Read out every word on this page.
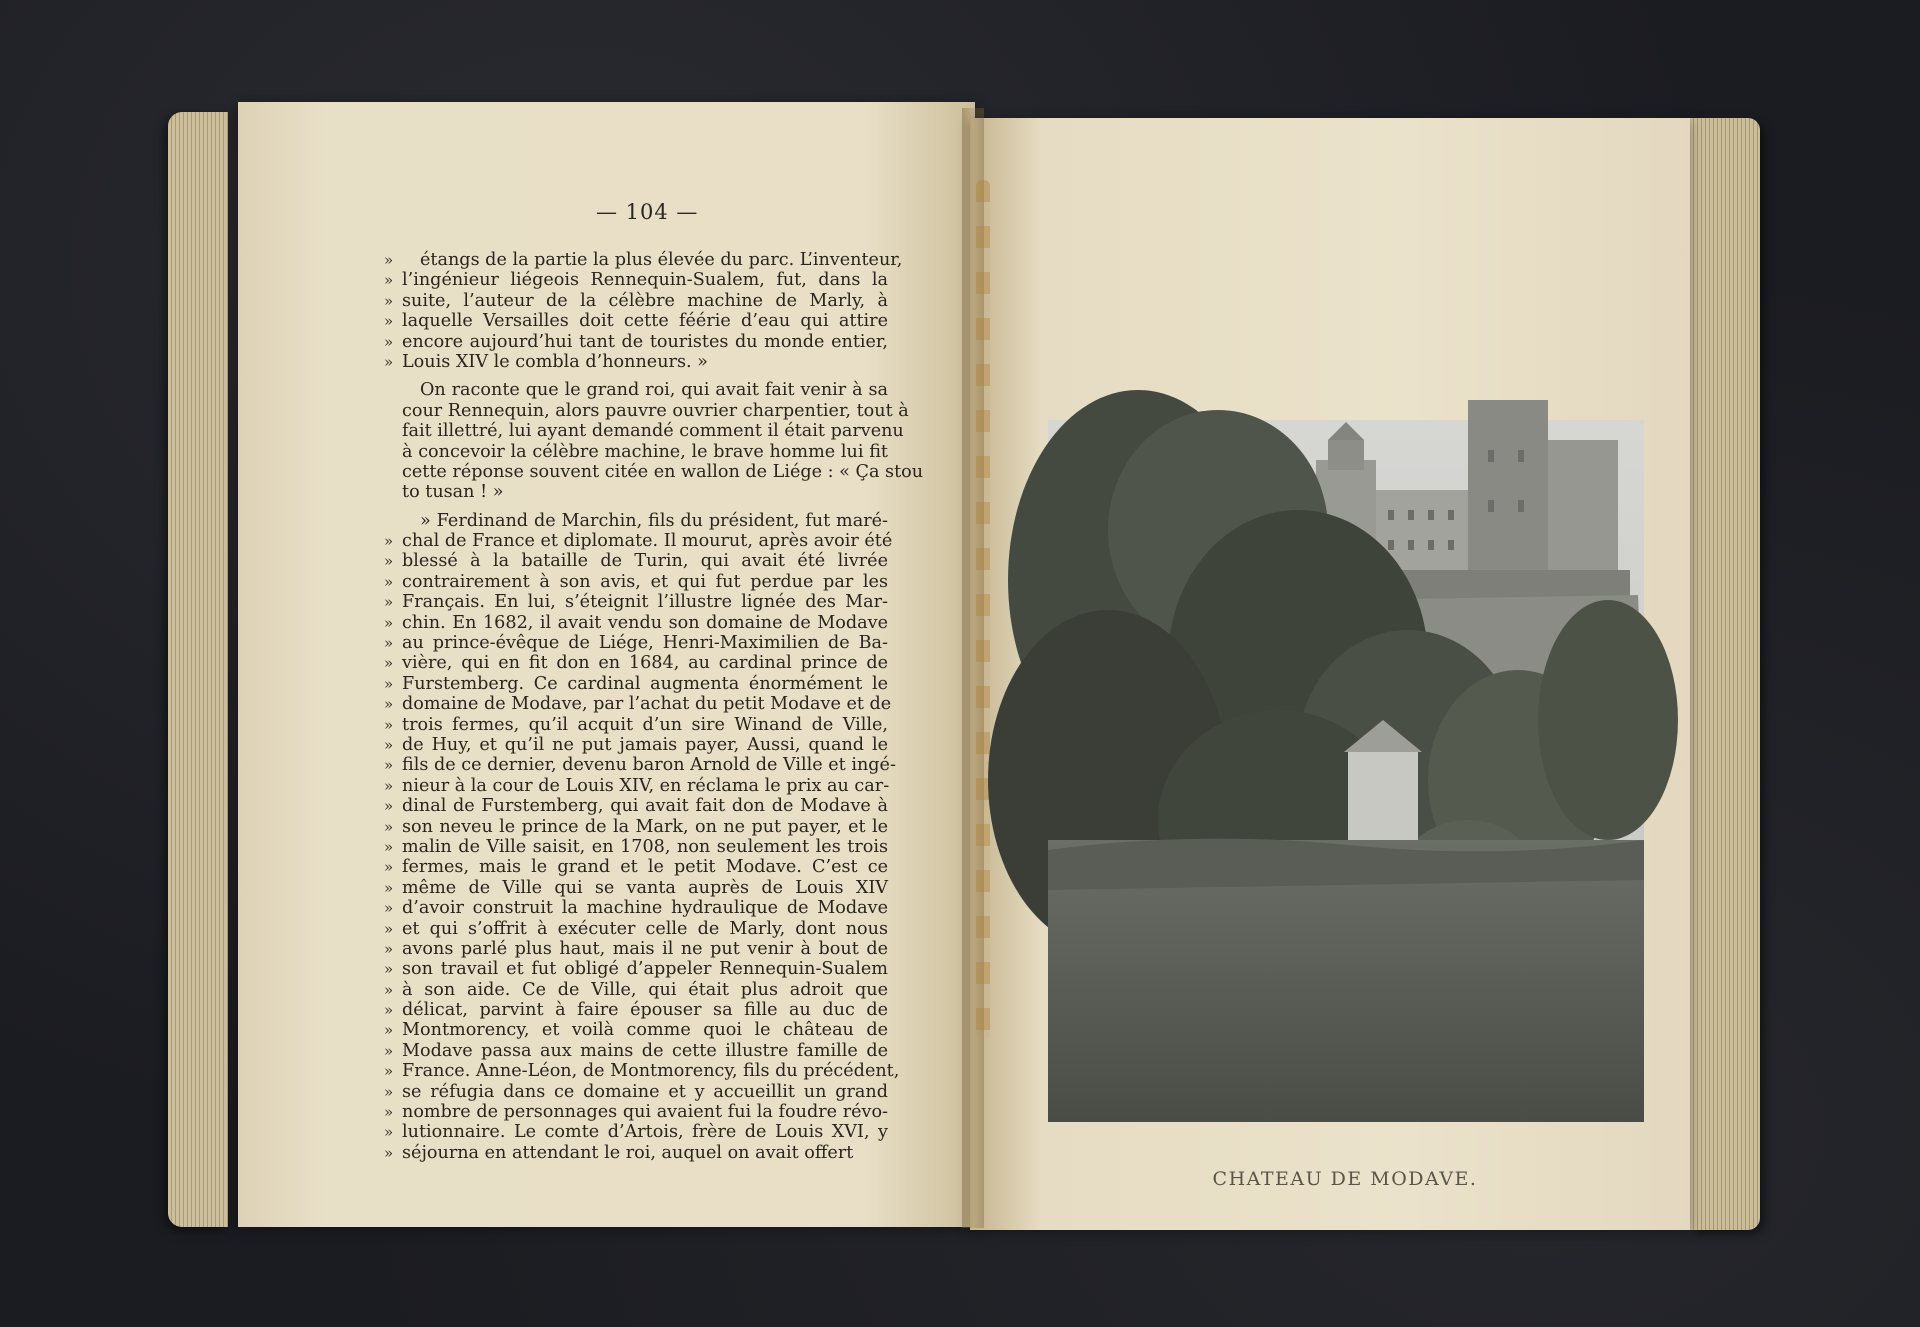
— 104 —
» étangs de la partie la plus élevée du parc. L’inventeur,
» l’ingénieur liégeois Rennequin-Sualem, fut, dans la
» suite, l’auteur de la célèbre machine de Marly, à
» laquelle Versailles doit cette féérie d’eau qui attire
» encore aujourd’hui tant de touristes du monde entier,
» Louis XIV le combla d’honneurs. »
On raconte que le grand roi, qui avait fait venir à sa
cour Rennequin, alors pauvre ouvrier charpentier, tout à
fait illettré, lui ayant demandé comment il était parvenu
à concevoir la célèbre machine, le brave homme lui fit
cette réponse souvent citée en wallon de Liége : « Ça stou
to tusan ! »
» Ferdinand de Marchin, fils du président, fut maré-
» chal de France et diplomate. Il mourut, après avoir été
» blessé à la bataille de Turin, qui avait été livrée
» contrairement à son avis, et qui fut perdue par les
» Français. En lui, s’éteignit l’illustre lignée des Mar-
» chin. En 1682, il avait vendu son domaine de Modave
» au prince-évêque de Liége, Henri-Maximilien de Ba-
» vière, qui en fit don en 1684, au cardinal prince de
» Furstemberg. Ce cardinal augmenta énormément le
» domaine de Modave, par l’achat du petit Modave et de
» trois fermes, qu’il acquit d’un sire Winand de Ville,
» de Huy, et qu’il ne put jamais payer, Aussi, quand le
» fils de ce dernier, devenu baron Arnold de Ville et ingé-
» nieur à la cour de Louis XIV, en réclama le prix au car-
» dinal de Furstemberg, qui avait fait don de Modave à
» son neveu le prince de la Mark, on ne put payer, et le
» malin de Ville saisit, en 1708, non seulement les trois
» fermes, mais le grand et le petit Modave. C’est ce
» même de Ville qui se vanta auprès de Louis XIV
» d’avoir construit la machine hydraulique de Modave
» et qui s’offrit à exécuter celle de Marly, dont nous
» avons parlé plus haut, mais il ne put venir à bout de
» son travail et fut obligé d’appeler Rennequin-Sualem
» à son aide. Ce de Ville, qui était plus adroit que
» délicat, parvint à faire épouser sa fille au duc de
» Montmorency, et voilà comme quoi le château de
» Modave passa aux mains de cette illustre famille de
» France. Anne-Léon, de Montmorency, fils du précédent,
» se réfugia dans ce domaine et y accueillit un grand
» nombre de personnages qui avaient fui la foudre révo-
» lutionnaire. Le comte d’Artois, frère de Louis XVI, y
» séjourna en attendant le roi, auquel on avait offert
CHATEAU DE MODAVE.
